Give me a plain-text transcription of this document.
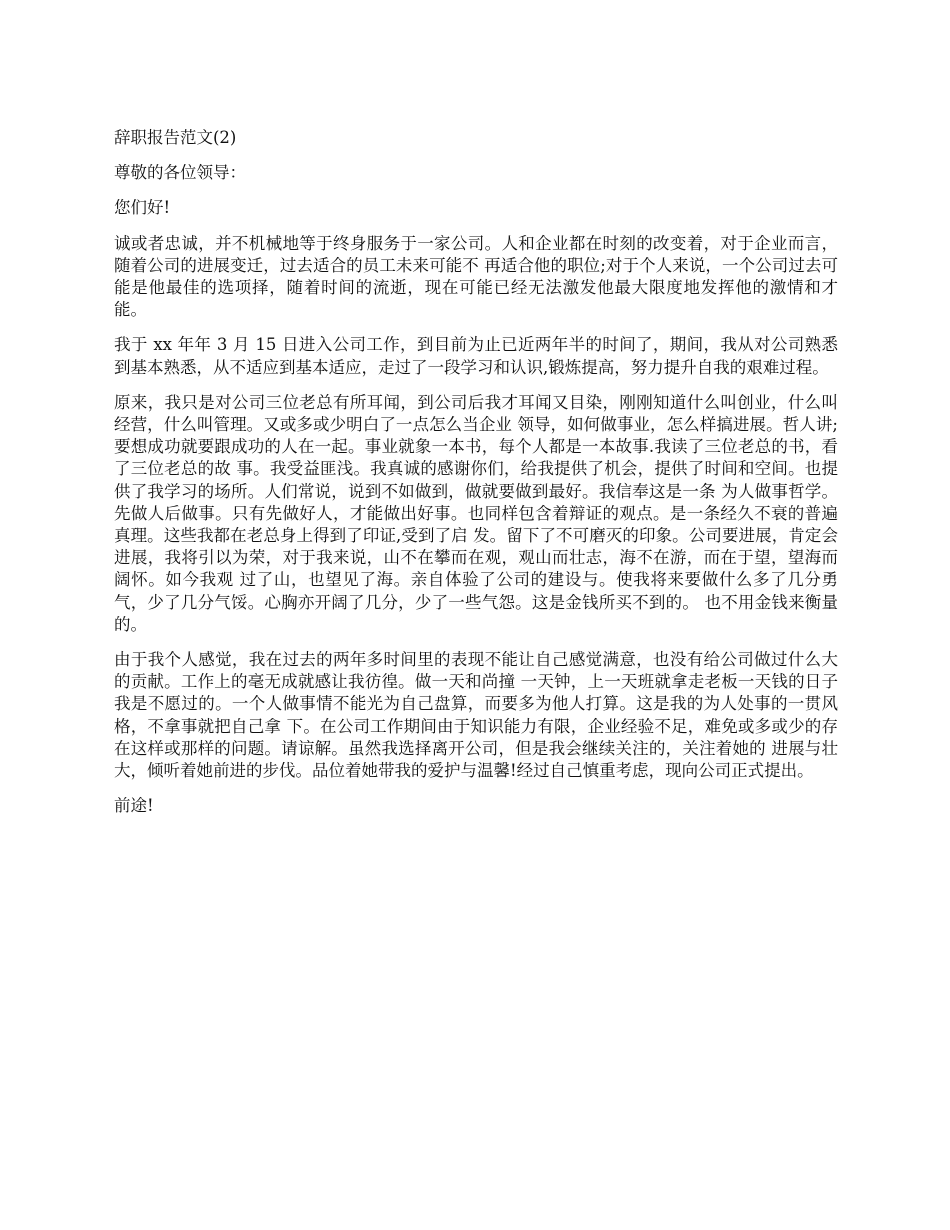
辞职报告范文(2)

尊敬的各位领导：

您们好!

诚或者忠诚，并不机械地等于终身服务于一家公司。人和企业都在时刻的改变着，对于企业而言，随着公司的进展变迁，过去适合的员工未来可能不 再适合他的职位;对于个人来说，一个公司过去可能是他最佳的选项择，随着时间的流逝，现在可能已经无法激发他最大限度地发挥他的激情和才能。

我于 xx 年年 3 月 15 日进入公司工作，到目前为止已近两年半的时间了，期间，我从对公司熟悉到基本熟悉，从不适应到基本适应，走过了一段学习和认识,锻炼提高，努力提升自我的艰难过程。

原来，我只是对公司三位老总有所耳闻，到公司后我才耳闻又目染，刚刚知道什么叫创业，什么叫经营，什么叫管理。又或多或少明白了一点怎么当企业 领导，如何做事业，怎么样搞进展。哲人讲;要想成功就要跟成功的人在一起。事业就象一本书，每个人都是一本故事.我读了三位老总的书，看了三位老总的故 事。我受益匪浅。我真诚的感谢你们，给我提供了机会，提供了时间和空间。也提供了我学习的场所。人们常说，说到不如做到，做就要做到最好。我信奉这是一条 为人做事哲学。先做人后做事。只有先做好人，才能做出好事。也同样包含着辩证的观点。是一条经久不衰的普遍真理。这些我都在老总身上得到了印证,受到了启 发。留下了不可磨灭的印象。公司要进展，肯定会进展，我将引以为荣，对于我来说，山不在攀而在观，观山而壮志，海不在游，而在于望，望海而阔怀。如今我观 过了山，也望见了海。亲自体验了公司的建设与。使我将来要做什么多了几分勇气，少了几分气馁。心胸亦开阔了几分，少了一些气怨。这是金钱所买不到的。 也不用金钱来衡量的。

由于我个人感觉，我在过去的两年多时间里的表现不能让自己感觉满意，也没有给公司做过什么大的贡献。工作上的毫无成就感让我彷徨。做一天和尚撞 一天钟，上一天班就拿走老板一天钱的日子我是不愿过的。一个人做事情不能光为自己盘算，而要多为他人打算。这是我的为人处事的一贯风格，不拿事就把自己拿 下。在公司工作期间由于知识能力有限，企业经验不足，难免或多或少的存在这样或那样的问题。请谅解。虽然我选择离开公司，但是我会继续关注的，关注着她的 进展与壮大，倾听着她前进的步伐。品位着她带我的爱护与温馨!经过自己慎重考虑，现向公司正式提出。

前途!
